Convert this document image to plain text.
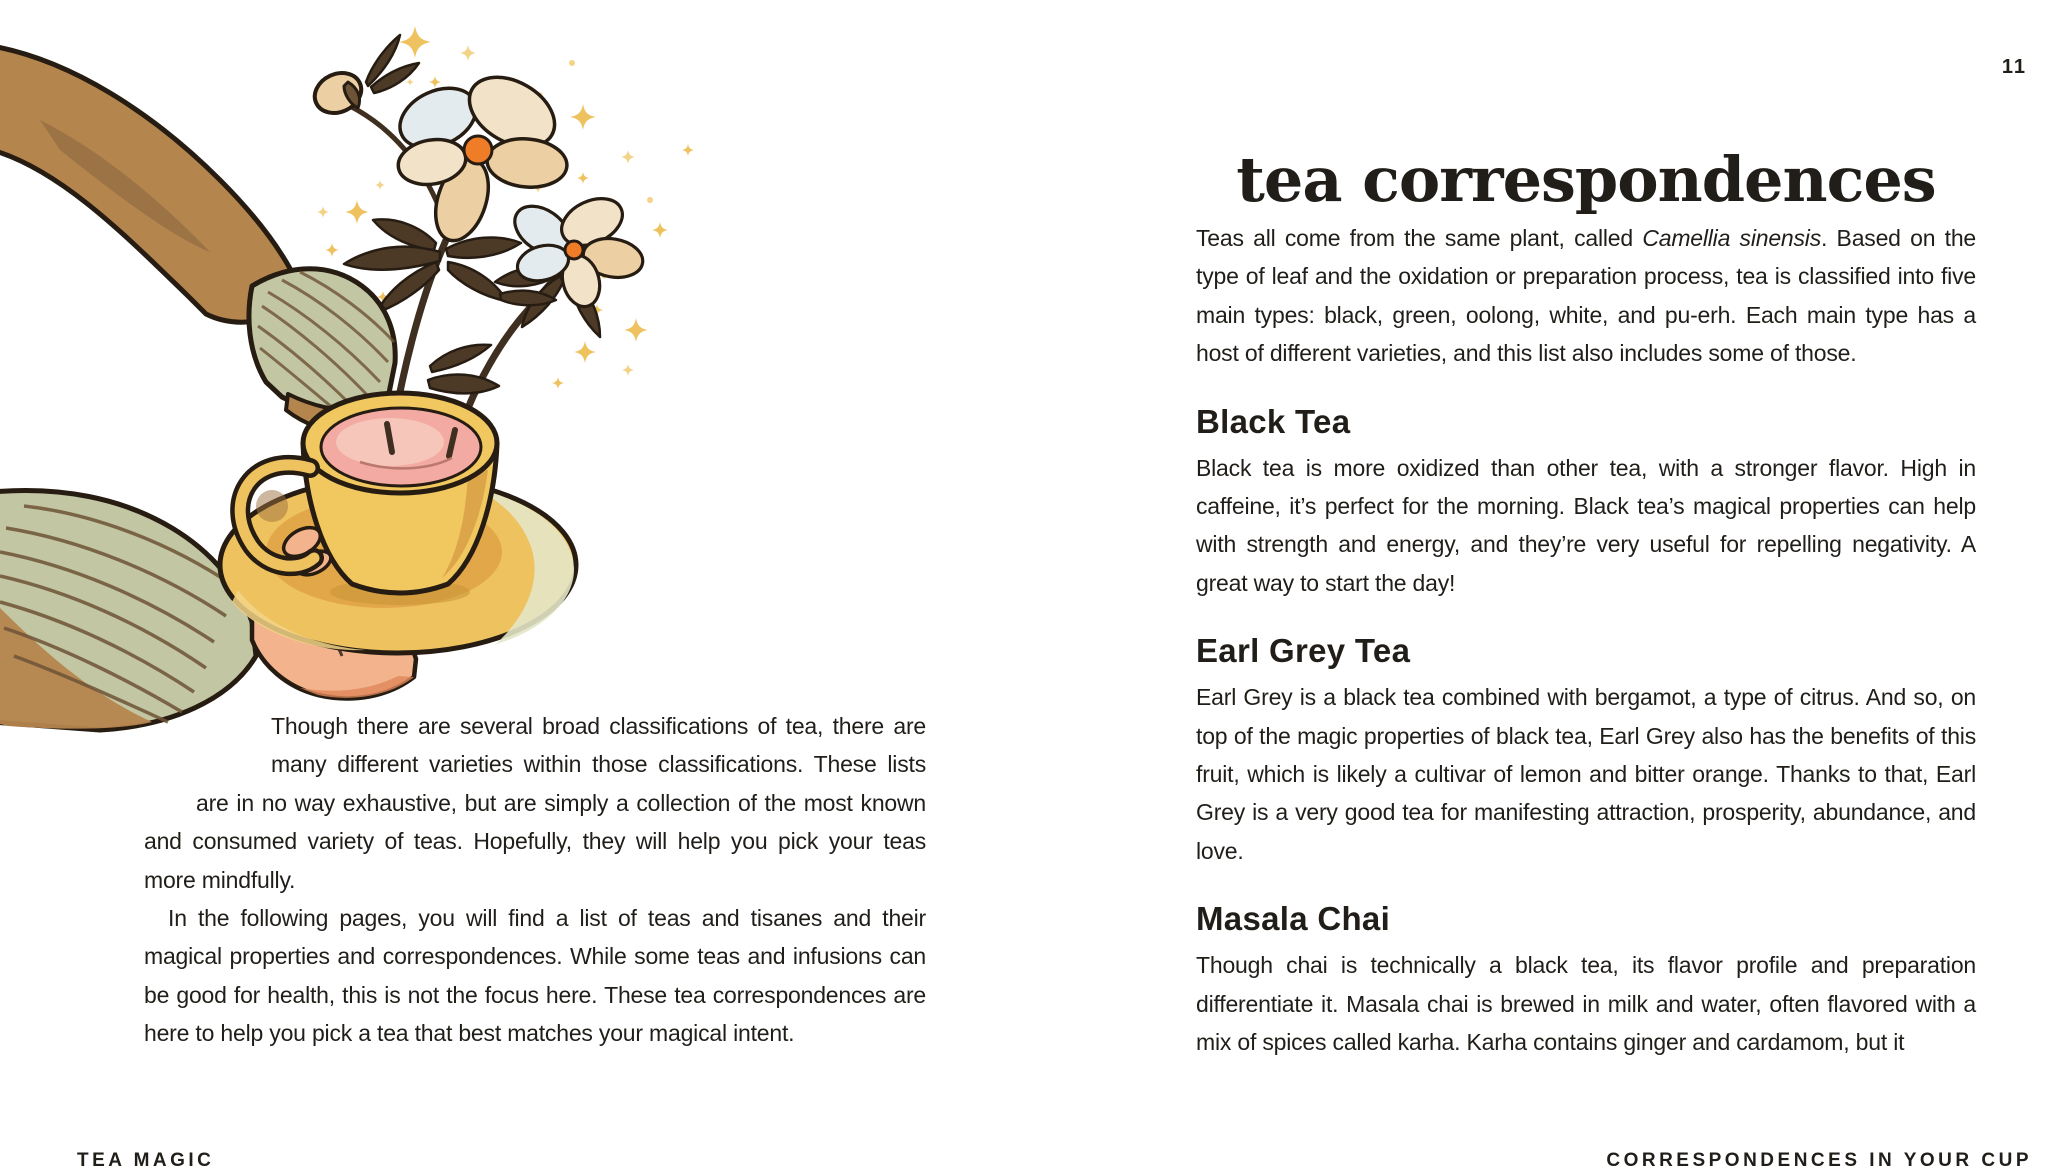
Though there are several broad classifications of tea, there are many different varieties within those classifications. These lists are in no way exhaustive, but are simply a collection of the most known and consumed variety of teas. Hopefully, they will help you pick your teas more mindfully.

In the following pages, you will find a list of teas and tisanes and their magical properties and correspondences. While some teas and infusions can be good for health, this is not the focus here. These tea correspondences are here to help you pick a tea that best matches your magical intent.

TEA MAGIC
11
tea correspondences

Teas all come from the same plant, called Camellia sinensis. Based on the type of leaf and the oxidation or preparation process, tea is classified into five main types: black, green, oolong, white, and pu-erh. Each main type has a host of different varieties, and this list also includes some of those.

Black Tea

Black tea is more oxidized than other tea, with a stronger flavor. High in caffeine, it’s perfect for the morning. Black tea’s magical properties can help with strength and energy, and they’re very useful for repelling negativity. A great way to start the day!

Earl Grey Tea

Earl Grey is a black tea combined with bergamot, a type of citrus. And so, on top of the magic properties of black tea, Earl Grey also has the benefits of this fruit, which is likely a cultivar of lemon and bitter orange. Thanks to that, Earl Grey is a very good tea for manifesting attraction, prosperity, abundance, and love.

Masala Chai

Though chai is technically a black tea, its flavor profile and preparation differentiate it. Masala chai is brewed in milk and water, often flavored with a mix of spices called karha. Karha contains ginger and cardamom, but it

CORRESPONDENCES IN YOUR CUP
